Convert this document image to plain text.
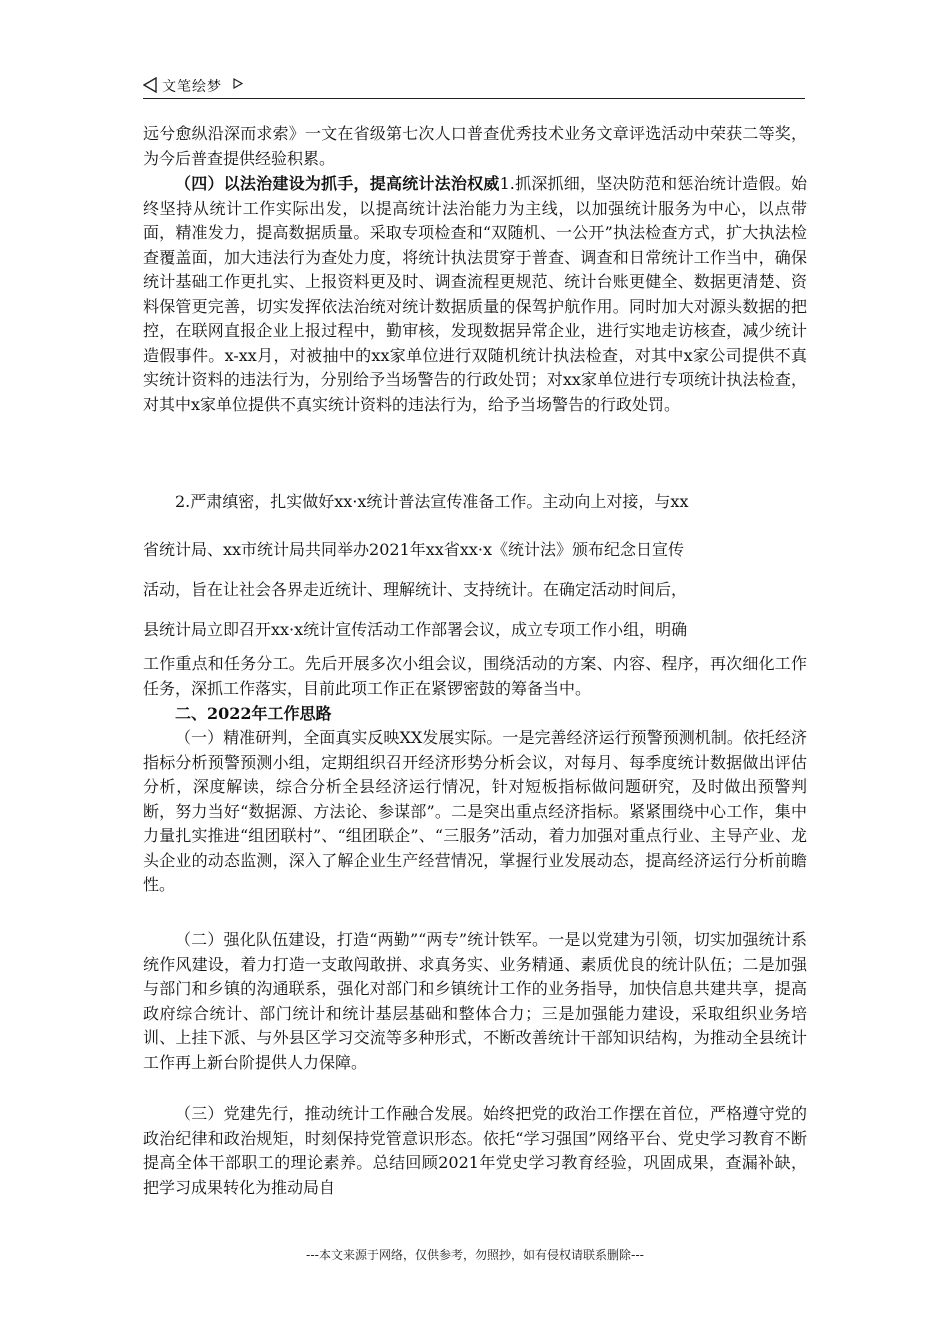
文笔绘梦

远兮愈纵沿深而求索》一文在省级第七次人口普查优秀技术业务文章评选活动中荣获二等奖，为今后普查提供经验积累。

（四）以法治建设为抓手，提高统计法治权威1.抓深抓细，坚决防范和惩治统计造假。始终坚持从统计工作实际出发，以提高统计法治能力为主线，以加强统计服务为中心，以点带面，精准发力，提高数据质量。采取专项检查和“双随机、一公开”执法检查方式，扩大执法检查覆盖面，加大违法行为查处力度，将统计执法贯穿于普查、调查和日常统计工作当中，确保统计基础工作更扎实、上报资料更及时、调查流程更规范、统计台账更健全、数据更清楚、资料保管更完善，切实发挥依法治统对统计数据质量的保驾护航作用。同时加大对源头数据的把控，在联网直报企业上报过程中，勤审核，发现数据异常企业，进行实地走访核查，减少统计造假事件。x-xx月，对被抽中的xx家单位进行双随机统计执法检查，对其中x家公司提供不真实统计资料的违法行为，分别给予当场警告的行政处罚；对xx家单位进行专项统计执法检查，对其中x家单位提供不真实统计资料的违法行为，给予当场警告的行政处罚。

2.严肃缜密，扎实做好xx·x统计普法宣传准备工作。主动向上对接，与xx

省统计局、xx市统计局共同举办2021年xx省xx·x《统计法》颁布纪念日宣传

活动，旨在让社会各界走近统计、理解统计、支持统计。在确定活动时间后，

县统计局立即召开xx·x统计宣传活动工作部署会议，成立专项工作小组，明确

工作重点和任务分工。先后开展多次小组会议，围绕活动的方案、内容、程序，再次细化工作任务，深抓工作落实，目前此项工作正在紧锣密鼓的筹备当中。

二、2022年工作思路

（一）精准研判，全面真实反映XX发展实际。一是完善经济运行预警预测机制。依托经济指标分析预警预测小组，定期组织召开经济形势分析会议，对每月、每季度统计数据做出评估分析，深度解读，综合分析全县经济运行情况，针对短板指标做问题研究，及时做出预警判断，努力当好“数据源、方法论、参谋部”。二是突出重点经济指标。紧紧围绕中心工作，集中力量扎实推进“组团联村”、“组团联企”、“三服务”活动，着力加强对重点行业、主导产业、龙头企业的动态监测，深入了解企业生产经营情况，掌握行业发展动态，提高经济运行分析前瞻性。

（二）强化队伍建设，打造“两勤”“两专”统计铁军。一是以党建为引领，切实加强统计系统作风建设，着力打造一支敢闯敢拼、求真务实、业务精通、素质优良的统计队伍；二是加强与部门和乡镇的沟通联系，强化对部门和乡镇统计工作的业务指导，加快信息共建共享，提高政府综合统计、部门统计和统计基层基础和整体合力；三是加强能力建设，采取组织业务培训、上挂下派、与外县区学习交流等多种形式，不断改善统计干部知识结构，为推动全县统计工作再上新台阶提供人力保障。

（三）党建先行，推动统计工作融合发展。始终把党的政治工作摆在首位，严格遵守党的政治纪律和政治规矩，时刻保持党管意识形态。依托“学习强国”网络平台、党史学习教育不断提高全体干部职工的理论素养。总结回顾2021年党史学习教育经验，巩固成果，查漏补缺，把学习成果转化为推动局自

---本文来源于网络，仅供参考，勿照抄，如有侵权请联系删除---
